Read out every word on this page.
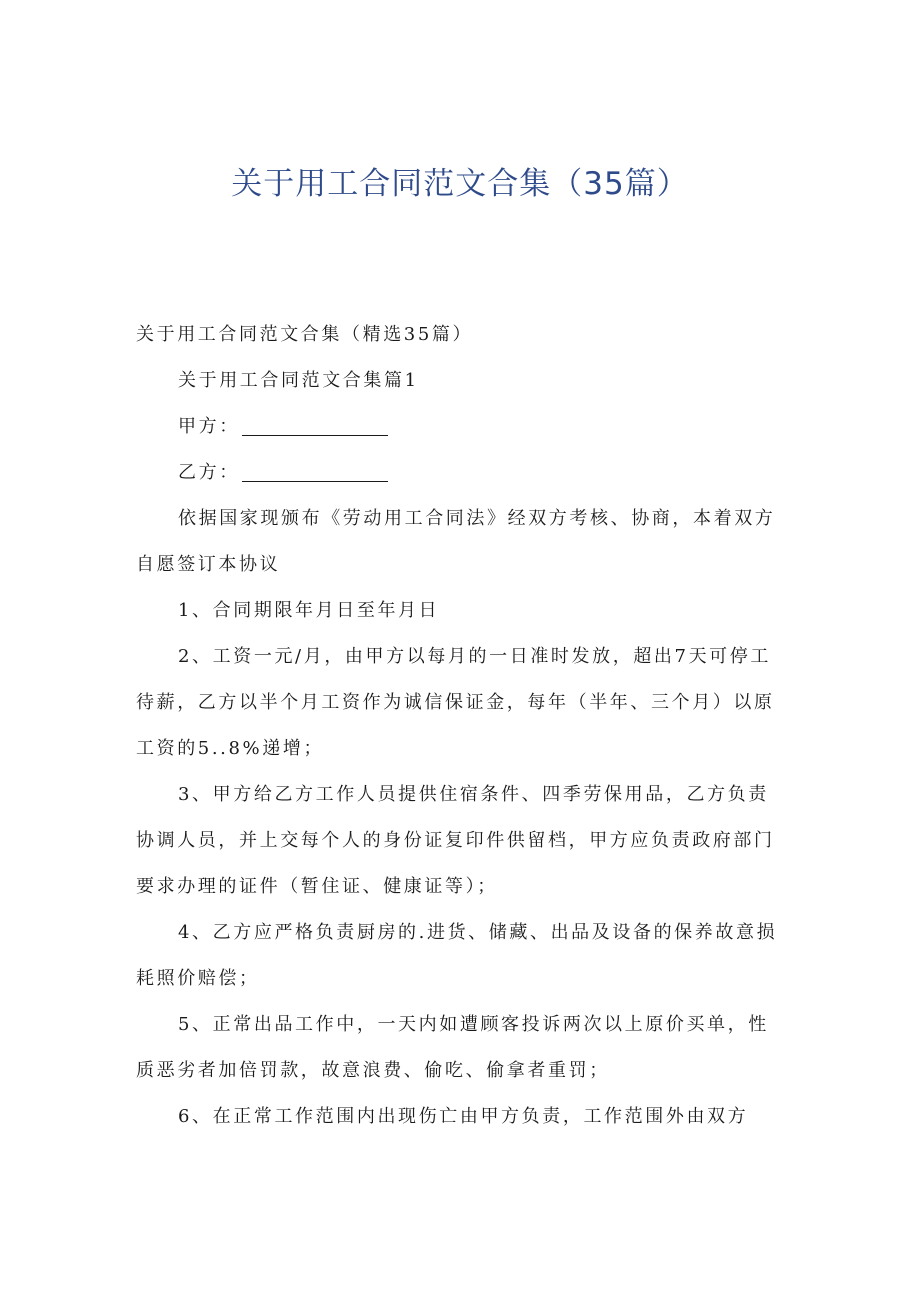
关于用工合同范文合集（35篇）

关于用工合同范文合集（精选35篇）

关于用工合同范文合集篇1

甲方：

乙方：

依据国家现颁布《劳动用工合同法》经双方考核、协商，本着双方自愿签订本协议

1、合同期限年月日至年月日

2、工资一元/月，由甲方以每月的一日准时发放，超出7天可停工待薪，乙方以半个月工资作为诚信保证金，每年（半年、三个月）以原工资的5..8%递增；

3、甲方给乙方工作人员提供住宿条件、四季劳保用品，乙方负责协调人员，并上交每个人的身份证复印件供留档，甲方应负责政府部门要求办理的证件（暂住证、健康证等）；

4、乙方应严格负责厨房的.进货、储藏、出品及设备的保养故意损耗照价赔偿；

5、正常出品工作中，一天内如遭顾客投诉两次以上原价买单，性质恶劣者加倍罚款，故意浪费、偷吃、偷拿者重罚；

6、在正常工作范围内出现伤亡由甲方负责，工作范围外由双方
